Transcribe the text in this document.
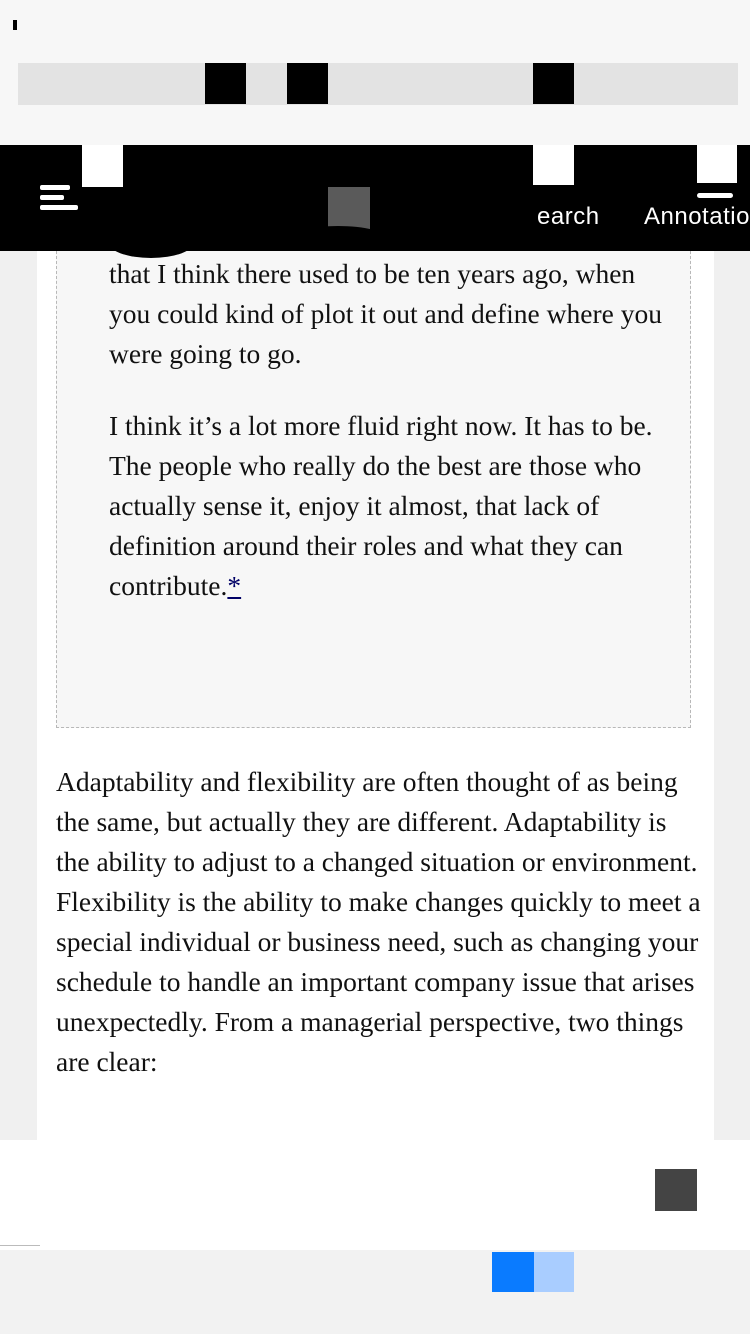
earch Annotatio

that I think there used to be ten years ago, when you could kind of plot it out and define where you were going to go.

I think it’s a lot more fluid right now. It has to be. The people who really do the best are those who actually sense it, enjoy it almost, that lack of definition around their roles and what they can contribute.*

Adaptability and flexibility are often thought of as being the same, but actually they are different. Adaptability is the ability to adjust to a changed situation or environment. Flexibility is the ability to make changes quickly to meet a special individual or business need, such as changing your schedule to handle an important company issue that arises unexpectedly. From a managerial perspective, two things are clear:
